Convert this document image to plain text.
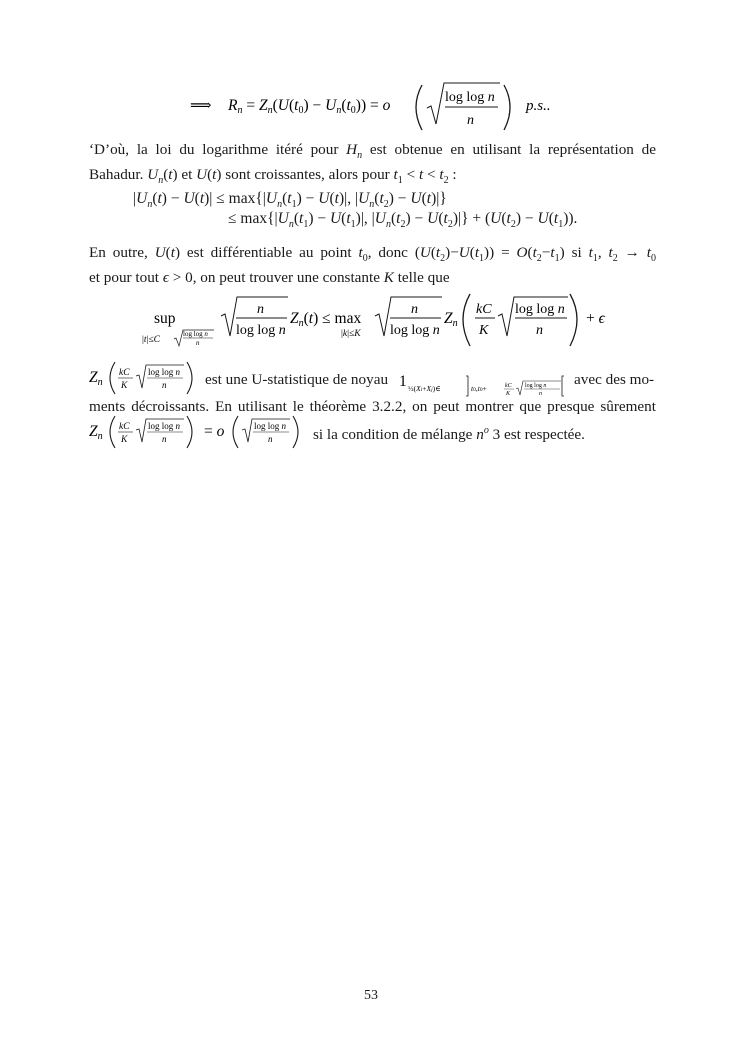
⟹ Rn = Zn(U(t0) − Un(t0)) = o	log log n
n
p.s..
‘D’où, la loi du logarithme itéré pour $H_n$ est obtenue en utilisant la représentation de
Bahadur. $U_n(t)$ et U(t) sont croissantes, alors pour $t_1 < t < t_2$ :
$|U_n(t) - U(t)| \le \max\{|U_n(t_1) - U(t)|$, $|U_n(t_2) - U(t)|$}
≤ $\max\{|U_n(t_1) - U(t_1)|$, $|U_n(t_2) - U(t_2)|\} + (U(t_2) - U(t_1))$.
En outre, U(t) est différentiable au point $t_0$, donc $(U(t_2)-U(t_1)) = O(t_2-t_1)$ si $t_1$, $t_2 \to t_0$
et pour tout ϵ > 0, on peut trouver une constante K telle que
sup
|t|≤C
log log n
n
n
log log n
Zn(t) ≤ max
|k|≤K
n
log log n
Zn
kC
K
log log n
n
+ ϵ
Zn
kC
K
log log n
n	est une U-statistique de noyau 1 ½(Xi+Xj)∈	t0,t0+	kC
K
log log n
n
avec des mo-
ments décroissants. En utilisant le théorème 3.2.2, on peut montrer que presque sûrement
Zn
kC
K
log log n
n = o	log log n
n	si la condition de mélange $n^o$ 3 est respectée.
53
